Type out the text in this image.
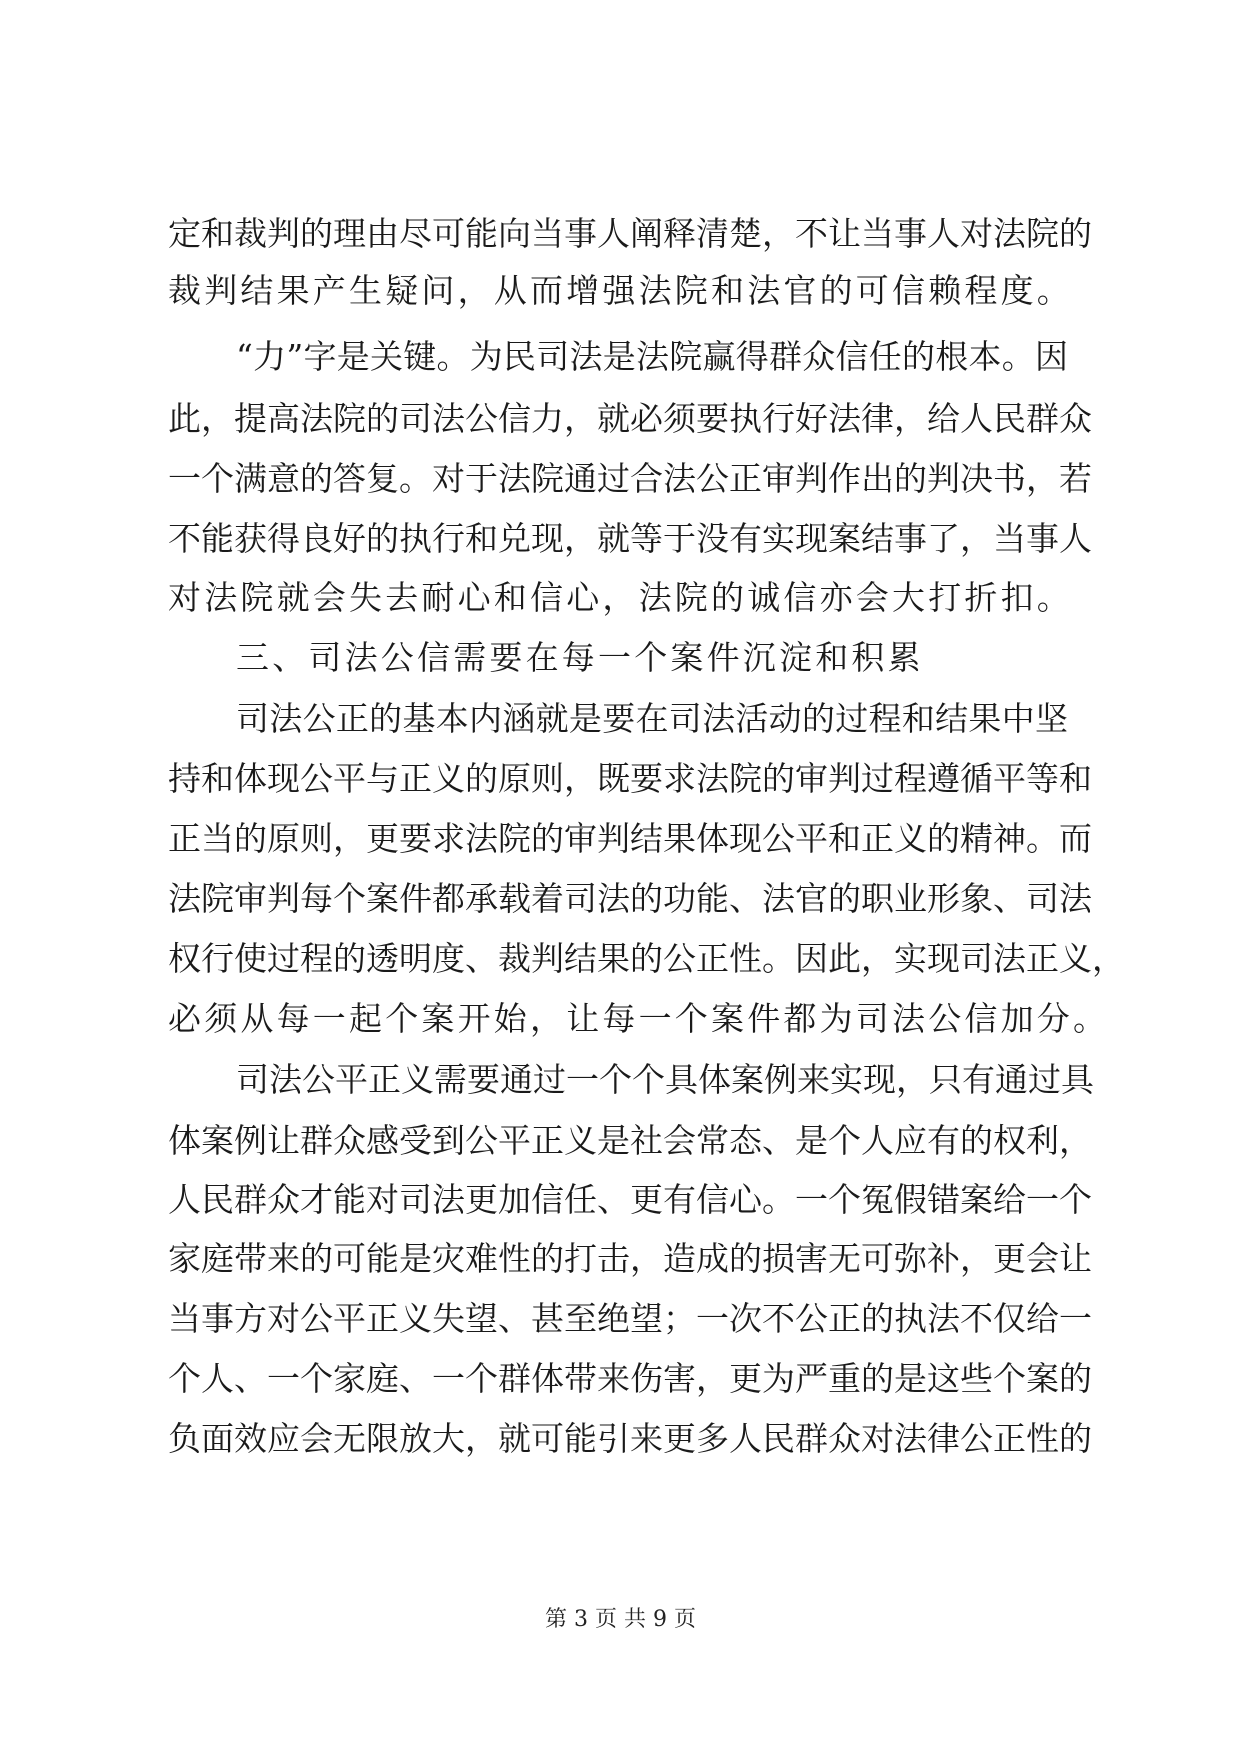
定和裁判的理由尽可能向当事人阐释清楚，不让当事人对法院的
裁判结果产生疑问，从而增强法院和法官的可信赖程度。
“力”字是关键。为民司法是法院赢得群众信任的根本。因
此，提高法院的司法公信力，就必须要执行好法律，给人民群众
一个满意的答复。对于法院通过合法公正审判作出的判决书，若
不能获得良好的执行和兑现，就等于没有实现案结事了，当事人
对法院就会失去耐心和信心，法院的诚信亦会大打折扣。
三、司法公信需要在每一个案件沉淀和积累
司法公正的基本内涵就是要在司法活动的过程和结果中坚
持和体现公平与正义的原则，既要求法院的审判过程遵循平等和
正当的原则，更要求法院的审判结果体现公平和正义的精神。而
法院审判每个案件都承载着司法的功能、法官的职业形象、司法
权行使过程的透明度、裁判结果的公正性。因此，实现司法正义，
必须从每一起个案开始，让每一个案件都为司法公信加分。
司法公平正义需要通过一个个具体案例来实现，只有通过具
体案例让群众感受到公平正义是社会常态、是个人应有的权利，
人民群众才能对司法更加信任、更有信心。一个冤假错案给一个
家庭带来的可能是灾难性的打击，造成的损害无可弥补，更会让
当事方对公平正义失望、甚至绝望；一次不公正的执法不仅给一
个人、一个家庭、一个群体带来伤害，更为严重的是这些个案的
负面效应会无限放大，就可能引来更多人民群众对法律公正性的
第 3 页 共 9 页
